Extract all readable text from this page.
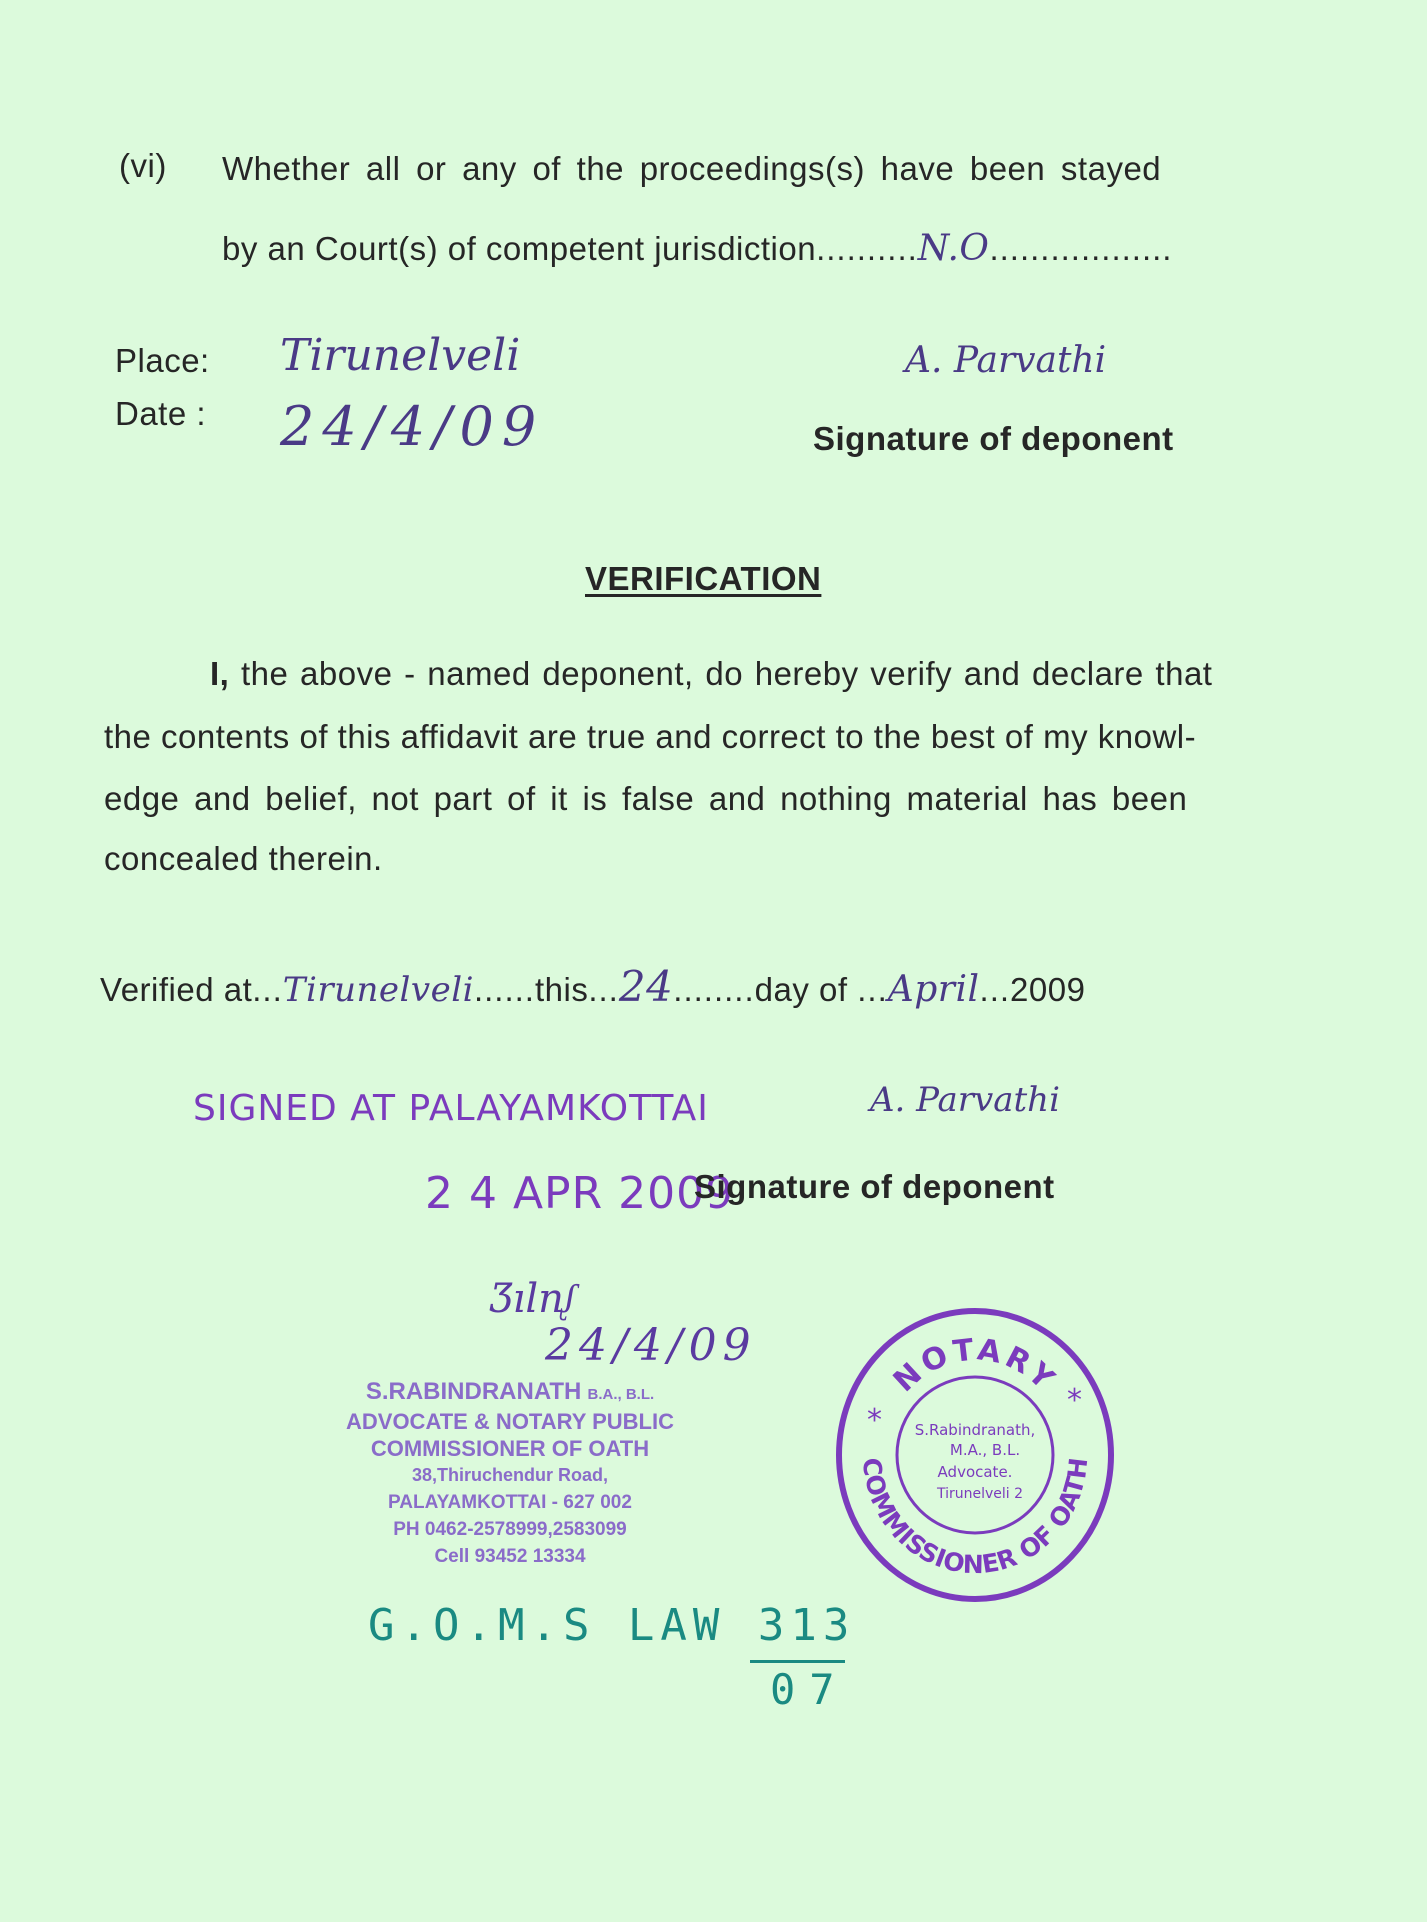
(vi) Whether all or any of the proceedings(s) have been stayed
by an Court(s) of competent jurisdiction..........N.O..................
Place: Tirunelveli
Date : 24/4/09
A. Parvathi
Signature of deponent
VERIFICATION
I, the above - named deponent, do hereby verify and declare that
the contents of this affidavit are true and correct to the best of my knowl-
edge and belief, not part of it is false and nothing material has been
concealed therein.
Verified at...Tirunelveli......this...24........day of ...April...2009
SIGNED AT PALAYAMKOTTAI	A. Parvathi
2 4 APR 2009
Signature of deponent
Ʒılnᶘ
24/4/09
S.RABINDRANATH B.A., B.L.
ADVOCATE & NOTARY PUBLIC
COMMISSIONER OF OATH
38,Thiruchendur Road,
PALAYAMKOTTAI - 627 002
PH 0462-2578999,2583099
Cell 93452 13334
NOTARY
COMMISSIONER OF OATH
*
*
S.Rabindranath,
M.A., B.L.
Advocate.
Tirunelveli 2
G.O.M.S LAW 313
07
